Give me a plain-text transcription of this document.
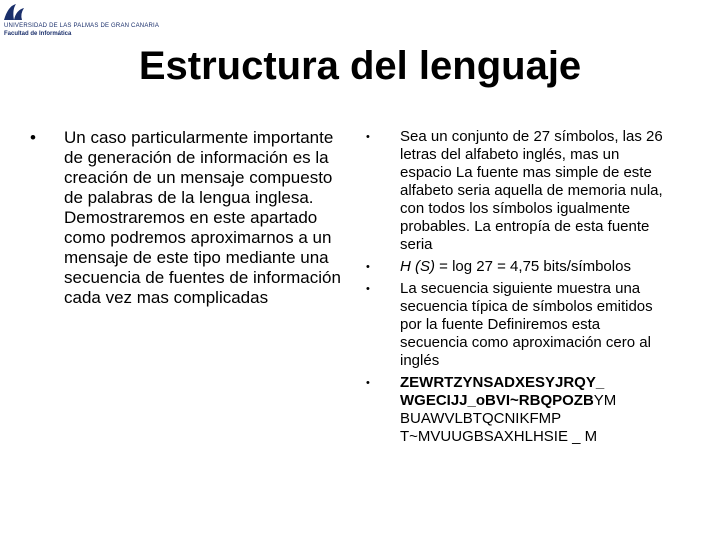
UNIVERSIDAD DE LAS PALMAS DE GRAN CANARIA
Facultad de Informática
Estructura del lenguaje
• Un caso particularmente importante de generación de información es la creación de un mensaje compuesto de palabras de la lengua inglesa. Demostraremos en este apartado como podremos aproximarnos a un mensaje de este tipo mediante una secuencia de fuentes de información cada vez mas complicadas
• Sea un conjunto de 27 símbolos, las 26 letras del alfabeto inglés, mas un espacio La fuente mas simple de este alfabeto seria aquella de memoria nula, con todos los símbolos igualmente probables. La entropía de esta fuente seria
• H (S) = log 27 = 4,75 bits/símbolos
• La secuencia siguiente muestra una secuencia típica de símbolos emitidos por la fuente Definiremos esta secuencia como aproximación cero al inglés
• ZEWRTZYNSADXESYJRQY_ WGECIJJ_oBVI~RBQPOZBYM BUAWVLBTQCNIKFMP T~MVUUGBSAXHLHSIE _ M
